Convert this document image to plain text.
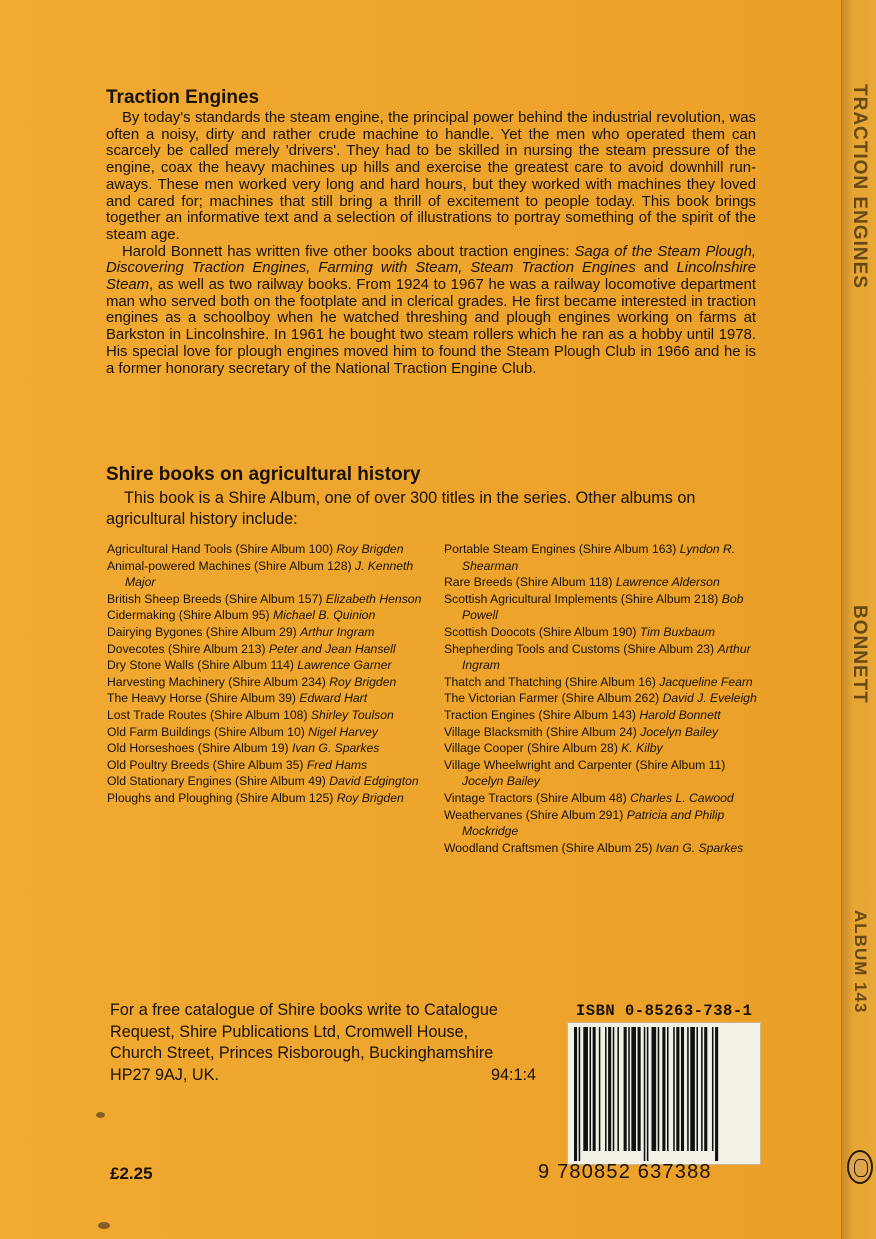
TRACTION ENGINES
BONNETT
ALBUM 143
Traction Engines

By today's standards the steam engine, the principal power behind the industrial revolution, was often a noisy, dirty and rather crude machine to handle. Yet the men who operated them can scarcely be called merely 'drivers'. They had to be skilled in nursing the steam pressure of the engine, coax the heavy machines up hills and exercise the greatest care to avoid downhill run-aways. These men worked very long and hard hours, but they worked with machines they loved and cared for; machines that still bring a thrill of excitement to people today. This book brings together an informative text and a selection of illustrations to portray something of the spirit of the steam age.

Harold Bonnett has written five other books about traction engines: Saga of the Steam Plough, Discovering Traction Engines, Farming with Steam, Steam Traction Engines and Lincolnshire Steam, as well as two railway books. From 1924 to 1967 he was a railway locomotive department man who served both on the footplate and in clerical grades. He first became interested in traction engines as a schoolboy when he watched threshing and plough engines working on farms at Barkston in Lincolnshire. In 1961 he bought two steam rollers which he ran as a hobby until 1978. His special love for plough engines moved him to found the Steam Plough Club in 1966 and he is a former honorary secretary of the National Traction Engine Club.

Shire books on agricultural history

This book is a Shire Album, one of over 300 titles in the series. Other albums on agricultural history include:

Agricultural Hand Tools (Shire Album 100) Roy Brigden

Animal-powered Machines (Shire Album 128) J. Kenneth Major

British Sheep Breeds (Shire Album 157) Elizabeth Henson

Cidermaking (Shire Album 95) Michael B. Quinion

Dairying Bygones (Shire Album 29) Arthur Ingram

Dovecotes (Shire Album 213) Peter and Jean Hansell

Dry Stone Walls (Shire Album 114) Lawrence Garner

Harvesting Machinery (Shire Album 234) Roy Brigden

The Heavy Horse (Shire Album 39) Edward Hart

Lost Trade Routes (Shire Album 108) Shirley Toulson

Old Farm Buildings (Shire Album 10) Nigel Harvey

Old Horseshoes (Shire Album 19) Ivan G. Sparkes

Old Poultry Breeds (Shire Album 35) Fred Hams

Old Stationary Engines (Shire Album 49) David Edgington

Ploughs and Ploughing (Shire Album 125) Roy Brigden

Portable Steam Engines (Shire Album 163) Lyndon R. Shearman

Rare Breeds (Shire Album 118) Lawrence Alderson

Scottish Agricultural Implements (Shire Album 218) Bob Powell

Scottish Doocots (Shire Album 190) Tim Buxbaum

Shepherding Tools and Customs (Shire Album 23) Arthur Ingram

Thatch and Thatching (Shire Album 16) Jacqueline Fearn

The Victorian Farmer (Shire Album 262) David J. Eveleigh

Traction Engines (Shire Album 143) Harold Bonnett

Village Blacksmith (Shire Album 24) Jocelyn Bailey

Village Cooper (Shire Album 28) K. Kilby

Village Wheelwright and Carpenter (Shire Album 11) Jocelyn Bailey

Vintage Tractors (Shire Album 48) Charles L. Cawood

Weathervanes (Shire Album 291) Patricia and Philip Mockridge

Woodland Craftsmen (Shire Album 25) Ivan G. Sparkes

For a free catalogue of Shire books write to Catalogue
Request, Shire Publications Ltd, Cromwell House,
Church Street, Princes Risborough, Buckinghamshire
HP27 9AJ, UK.	94:1:4
ISBN 0-85263-738-1
9 780852 637388
£2.25
